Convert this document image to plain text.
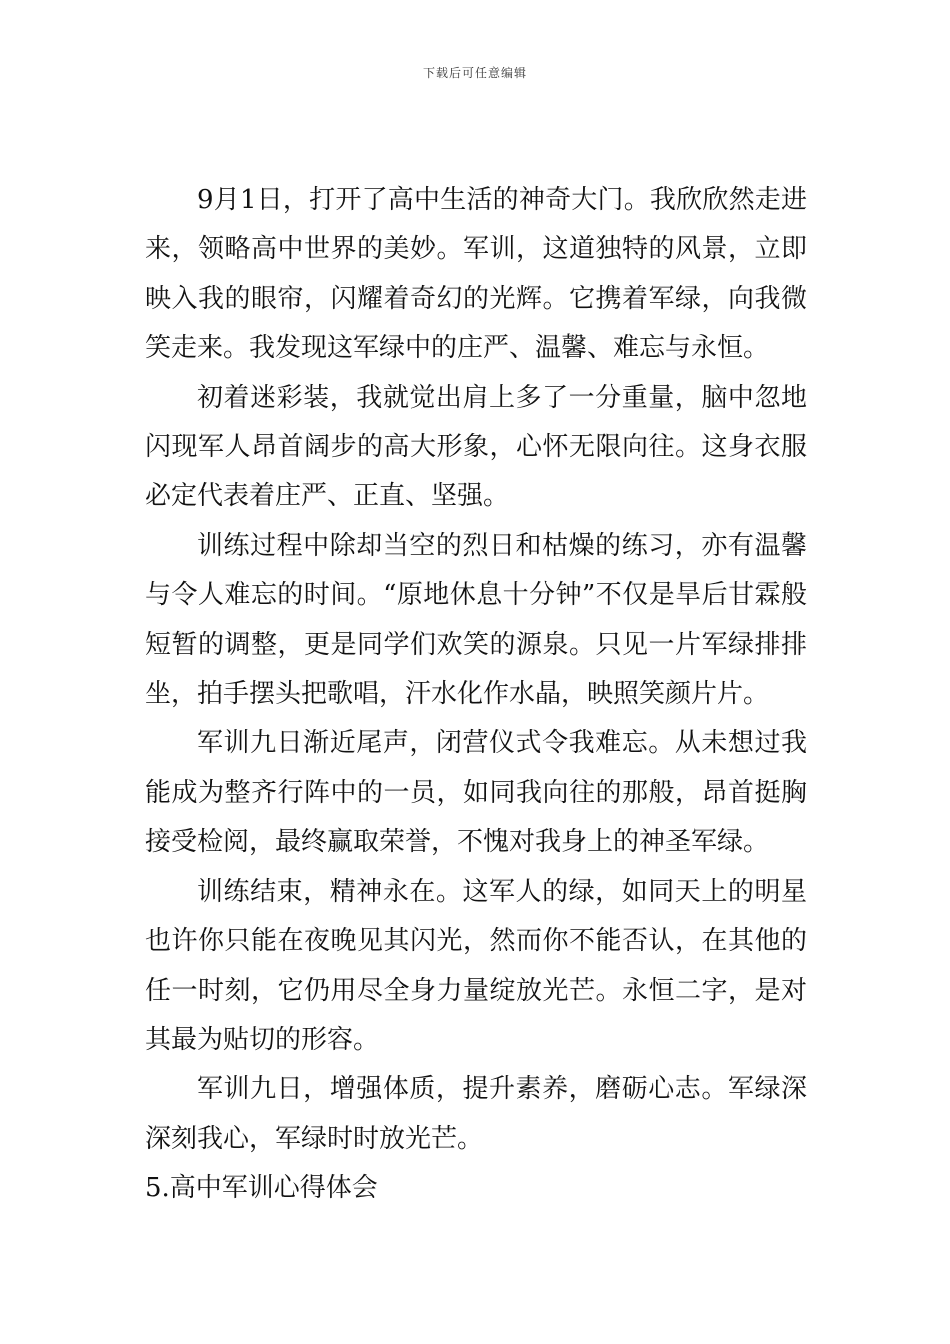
下载后可任意编辑

9月1日，打开了高中生活的神奇大门。我欣欣然走进来，领略高中世界的美妙。军训，这道独特的风景，立即映入我的眼帘，闪耀着奇幻的光辉。它携着军绿，向我微笑走来。我发现这军绿中的庄严、温馨、难忘与永恒。

初着迷彩装，我就觉出肩上多了一分重量，脑中忽地闪现军人昂首阔步的高大形象，心怀无限向往。这身衣服必定代表着庄严、正直、坚强。

训练过程中除却当空的烈日和枯燥的练习，亦有温馨与令人难忘的时间。“原地休息十分钟”不仅是旱后甘霖般短暂的调整，更是同学们欢笑的源泉。只见一片军绿排排坐，拍手摆头把歌唱，汗水化作水晶，映照笑颜片片。

军训九日渐近尾声，闭营仪式令我难忘。从未想过我能成为整齐行阵中的一员，如同我向往的那般，昂首挺胸接受检阅，最终赢取荣誉，不愧对我身上的神圣军绿。

训练结束，精神永在。这军人的绿，如同天上的明星也许你只能在夜晚见其闪光，然而你不能否认，在其他的任一时刻，它仍用尽全身力量绽放光芒。永恒二字，是对其最为贴切的形容。

军训九日，增强体质，提升素养，磨砺心志。军绿深深刻我心，军绿时时放光芒。

5.高中军训心得体会
